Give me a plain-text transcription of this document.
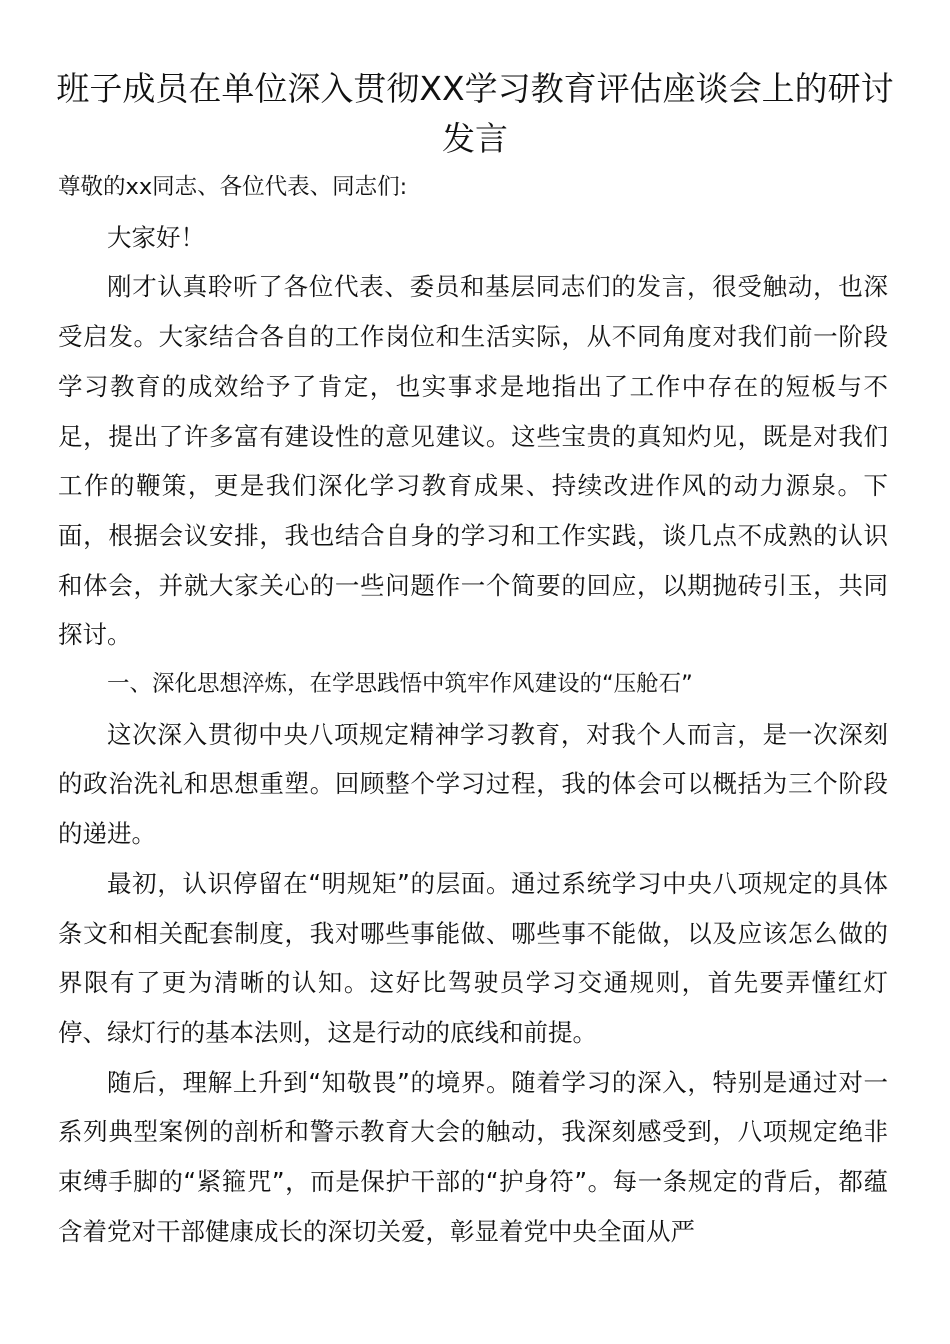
班子成员在单位深入贯彻XX学习教育评估座谈会上的研讨发言

尊敬的xx同志、各位代表、同志们:

大家好！

刚才认真聆听了各位代表、委员和基层同志们的发言，很受触动，也深受启发。大家结合各自的工作岗位和生活实际，从不同角度对我们前一阶段学习教育的成效给予了肯定，也实事求是地指出了工作中存在的短板与不足，提出了许多富有建设性的意见建议。这些宝贵的真知灼见，既是对我们工作的鞭策，更是我们深化学习教育成果、持续改进作风的动力源泉。下面，根据会议安排，我也结合自身的学习和工作实践，谈几点不成熟的认识和体会，并就大家关心的一些问题作一个简要的回应，以期抛砖引玉，共同探讨。

一、深化思想淬炼，在学思践悟中筑牢作风建设的“压舱石”

这次深入贯彻中央八项规定精神学习教育，对我个人而言，是一次深刻的政治洗礼和思想重塑。回顾整个学习过程，我的体会可以概括为三个阶段的递进。

最初，认识停留在“明规矩”的层面。通过系统学习中央八项规定的具体条文和相关配套制度，我对哪些事能做、哪些事不能做，以及应该怎么做的界限有了更为清晰的认知。这好比驾驶员学习交通规则，首先要弄懂红灯停、绿灯行的基本法则，这是行动的底线和前提。

随后，理解上升到“知敬畏”的境界。随着学习的深入，特别是通过对一系列典型案例的剖析和警示教育大会的触动，我深刻感受到，八项规定绝非束缚手脚的“紧箍咒”，而是保护干部的“护身符”。每一条规定的背后，都蕴含着党对干部健康成长的深切关爱，彰显着党中央全面从严
